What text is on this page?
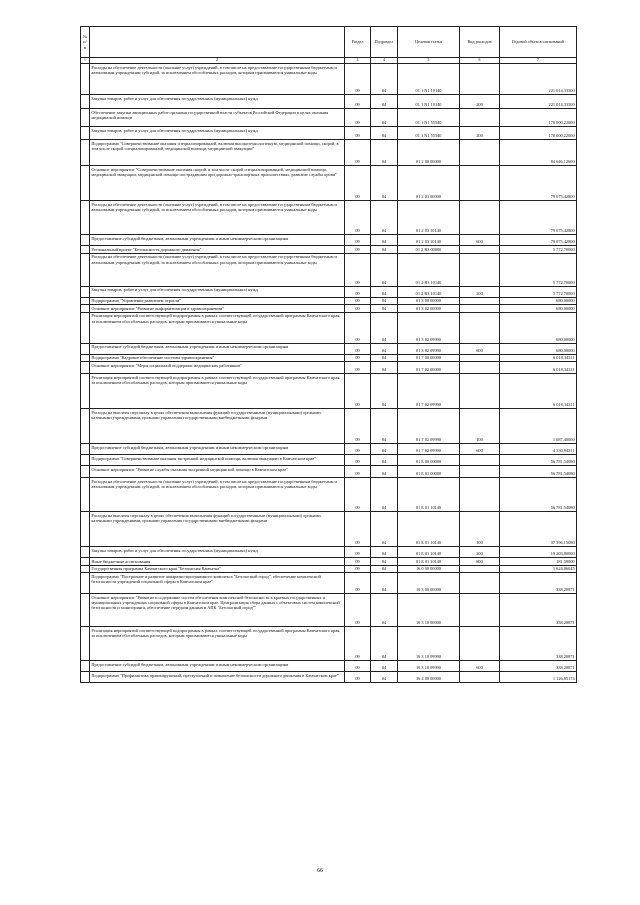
№ п/п		Раздел	Подраздел	Целевая статья	Вид расходов	Годовой объем ассигнований
1	2	3	4	5	6	7

	Расходы на обеспечение деятельности (оказание услуг) учреждений, в том числе на предоставление государственным бюджетным и автономным учреждениям субсидий, за исключением обособленных расходов, которым присваиваются уникальные коды	09	04	01 1 N1 10140		221 014,33500

	Закупка товаров, работ и услуг для обеспечения государственных (муниципальных) нужд	09	04	01 1 N1 10140	200	221 014,33500

	Обеспечение закупки авиационных работ органами государственной власти субъектов Российской Федерации в целях оказания медицинской помощи	09	04	01 1 N1 55540		170 000,22000

	Закупка товаров, работ и услуг для обеспечения государственных (муниципальных) нужд	09	04	01 1 N1 55540	200	170 000,22000

	Подпрограмма "Совершенствование оказания специализированной, включая высокотехнологичную, медицинской помощи, скорой, в том числе скорой специализированной, медицинской помощи, медицинской эвакуации"	09	04	01 2 00 00000		84 646,12600

	Основное мероприятие "Совершенствование оказания скорой, в том числе скорой специализированной, медицинской помощи, медицинской эвакуации, медицинской помощи пострадавшим при дорожно-транспортных происшествиях, развитие службы крови"	09	04	01 2 03 00000		79 075,42800

	Расходы на обеспечение деятельности (оказание услуг) учреждений, в том числе на предоставление государственным бюджетным и автономным учреждениям субсидий, за исключением обособленных расходов, которым присваиваются уникальные коды	09	04	01 2 03 10140		79 075,42800

	Предоставление субсидий бюджетным, автономным учреждениям и иным некоммерческим организациям	09	04	01 2 03 10140	600	79 075,42800

	Региональный проект "Безопасность дорожного движения"	09	04	01 2 R3 00000		5 772,70000

	Расходы на обеспечение деятельности (оказание услуг) учреждений, в том числе на предоставление государственным бюджетным и автономным учреждениям субсидий, за исключением обособленных расходов, которым присваиваются уникальные коды	09	04	01 2 R3 10140		5 772,70000

	Закупка товаров, работ и услуг для обеспечения государственных (муниципальных) нужд	09	04	01 2 R3 10140	200	5 772,70000

	Подпрограмма "Управление развитием отрасли"	09	04	01 3 00 00000		680,00000

	Основное мероприятие "Развитие информатизации в здравоохранении"	09	04	01 3 02 00000		680,00000

	Реализация мероприятий соответствующей подпрограммы в рамках соответствующей государственной программы Камчатского края, за исключением обособленных расходов, которым присваиваются уникальные коды	09	04	01 3 02 09990		680,00000

	Предоставление субсидий бюджетным, автономным учреждениям и иным некоммерческим организациям	09	04	01 3 02 09990	600	680,00000

	Подпрограмма "Кадровое обеспечение системы здравоохранения"	09	04	01 7 00 00000		6 018,34311

	Основное мероприятие "Меры социальной поддержки медицинских работников"	09	04	01 7 02 00000		6 018,34311

	Реализация мероприятий соответствующей подпрограммы в рамках соответствующей государственной программы Камчатского края, за исключением обособленных расходов, которым присваиваются уникальные коды	09	04	01 7 02 09990		6 018,34311

	Расходы на выплаты персоналу в целях обеспечения выполнения функций государственными (муниципальными) органами, казенными учреждениями, органами управления государственными внебюджетными фондами	09	04	01 7 02 09990	100	1 687,40000

	Предоставление субсидий бюджетным, автономным учреждениям и иным некоммерческим организациям	09	04	01 7 02 09990	600	4 330,94311

	Подпрограмма "Совершенствование оказания экстренной медицинской помощи, включая эвакуацию в Камчатском крае"	09	04	01 Б 00 00000		56 781,54080

	Основное мероприятие "Развитие службы оказания экстренной медицинской помощи в Камчатском крае"	09	04	01 Б 01 00000		56 781,54080

	Расходы на обеспечение деятельности (оказание услуг) учреждений, в том числе на предоставление государственным бюджетным и автономным учреждениям субсидий, за исключением обособленных расходов, которым присваиваются уникальные коды	09	04	01 Б 01 10140		56 781,54080

	Расходы на выплаты персоналу в целях обеспечения выполнения функций государственными (муниципальными) органами, казенными учреждениями, органами управления государственными внебюджетными фондами	09	04	01 Б 01 10140	100	37 396,15080

	Закупка товаров, работ и услуг для обеспечения государственных (муниципальных) нужд	09	04	01 Б 01 10140	200	19 203,80000

	Иные бюджетные ассигнования	09	04	01 Б 01 10140	800	181,59000

	Государственная программа Камчатского края "Безопасная Камчатка"	09	04	16 0 00 00000		1 624,06045

	Подпрограмма "Построение и развитие аппаратно-программного комплекса "Безопасный город", обеспечение комплексной безопасности учреждений социальной сферы в Камчатском крае"	09	04	16 3 00 00000		338,20871

	Основное мероприятие "Развитие и содержание систем обеспечения комплексной безопасности в краевых государственных и муниципальных учреждениях социальной сферы в Камчатском крае. Централизация сбора данных с объектовых систем комплексной безопасности и мониторинга, обеспечение передачи данных в АПК "Безопасный город""	09	04	16 3 10 00000		338,20871

	Реализация мероприятий соответствующей подпрограммы в рамках соответствующей государственной программы Камчатского края, за исключением обособленных расходов, которым присваиваются уникальные коды	09	04	16 3 10 09990		338,20871

	Предоставление субсидий бюджетным, автономным учреждениям и иным некоммерческим организациям	09	04	16 3 10 09990	600	338,20871

	Подпрограмма "Профилактика правонарушений, преступлений и повышение безопасности дорожного движения в Камчатском крае"	09	04	16 4 00 00000		1 126,85174
66
